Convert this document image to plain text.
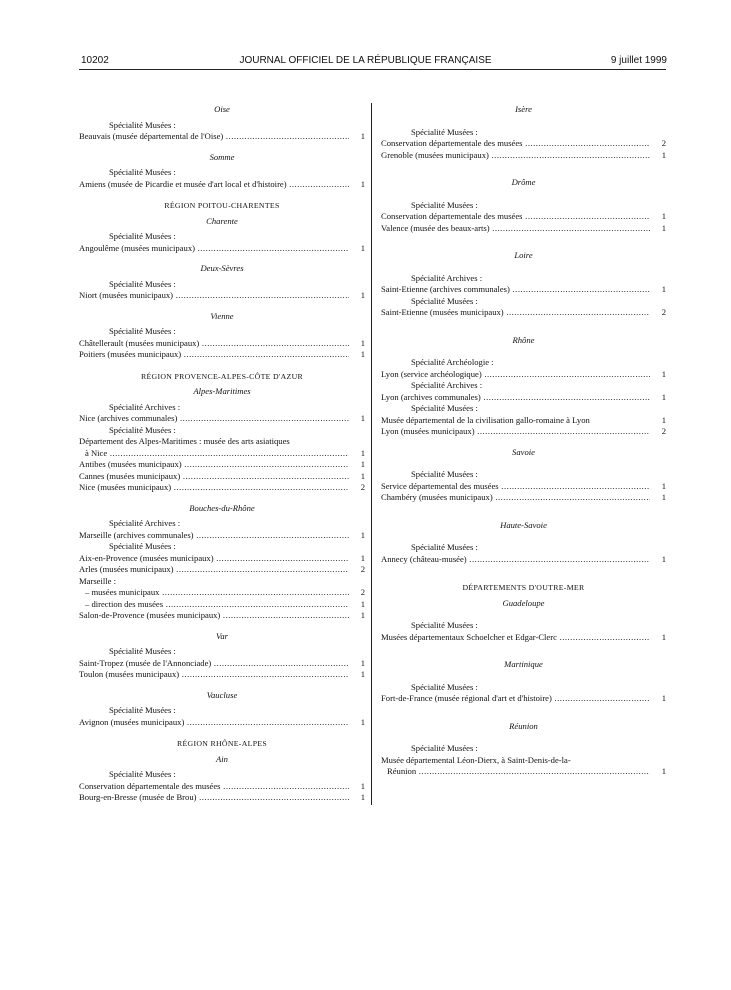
10202	JOURNAL OFFICIEL DE LA RÉPUBLIQUE FRANÇAISE	9 juillet 1999
Oise
Spécialité Musées :
Beauvais (musée départemental de l'Oise) .....	1
Somme
Spécialité Musées :
Amiens (musée de Picardie et musée d'art local et d'histoire) .....	1
RÉGION POITOU-CHARENTES
Charente
Spécialité Musées :
Angoulême (musées municipaux) .....	1
Deux-Sèvres
Spécialité Musées :
Niort (musées municipaux) .....	1
Vienne
Spécialité Musées :
Châtellerault (musées municipaux) .....	1
Poitiers (musées municipaux) .....	1
RÉGION PROVENCE-ALPES-CÔTE D'AZUR
Alpes-Maritimes
Spécialité Archives :
Nice (archives communales) .....	1
Spécialité Musées :
Département des Alpes-Maritimes : musée des arts asiatiques
à Nice .....	1
Antibes (musées municipaux) .....	1
Cannes (musées municipaux) .....	1
Nice (musées municipaux) .....	2
Bouches-du-Rhône
Spécialité Archives :
Marseille (archives communales) .....	1
Spécialité Musées :
Aix-en-Provence (musées municipaux) .....	1
Arles (musées municipaux) .....	2
Marseille :
– musées municipaux .....	2
– direction des musées .....	1
Salon-de-Provence (musées municipaux) .....	1
Var
Spécialité Musées :
Saint-Tropez (musée de l'Annonciade) .....	1
Toulon (musées municipaux) .....	1
Vaucluse
Spécialité Musées :
Avignon (musées municipaux) .....	1
RÉGION RHÔNE-ALPES
Ain
Spécialité Musées :
Conservation départementale des musées .....	1
Bourg-en-Bresse (musée de Brou) .....	1
Isère
Spécialité Musées :
Conservation départementale des musées .....	2
Grenoble (musées municipaux) .....	1
Drôme
Spécialité Musées :
Conservation départementale des musées .....	1
Valence (musée des beaux-arts) .....	1
Loire
Spécialité Archives :
Saint-Etienne (archives communales) .....	1
Spécialité Musées :
Saint-Etienne (musées municipaux) .....	2
Rhône
Spécialité Archéologie :
Lyon (service archéologique) .....	1
Spécialité Archives :
Lyon (archives communales) .....	1
Spécialité Musées :
Musée départemental de la civilisation gallo-romaine à Lyon	1
Lyon (musées municipaux) .....	2
Savoie
Spécialité Musées :
Service départemental des musées .....	1
Chambéry (musées municipaux) .....	1
Haute-Savoie
Spécialité Musées :
Annecy (château-musée) .....	1
DÉPARTEMENTS D'OUTRE-MER
Guadeloupe
Spécialité Musées :
Musées départementaux Schoelcher et Edgar-Clerc .....	1
Martinique
Spécialité Musées :
Fort-de-France (musée régional d'art et d'histoire) .....	1
Réunion
Spécialité Musées :
Musée départemental Léon-Dierx, à Saint-Denis-de-la-
Réunion .....	1
